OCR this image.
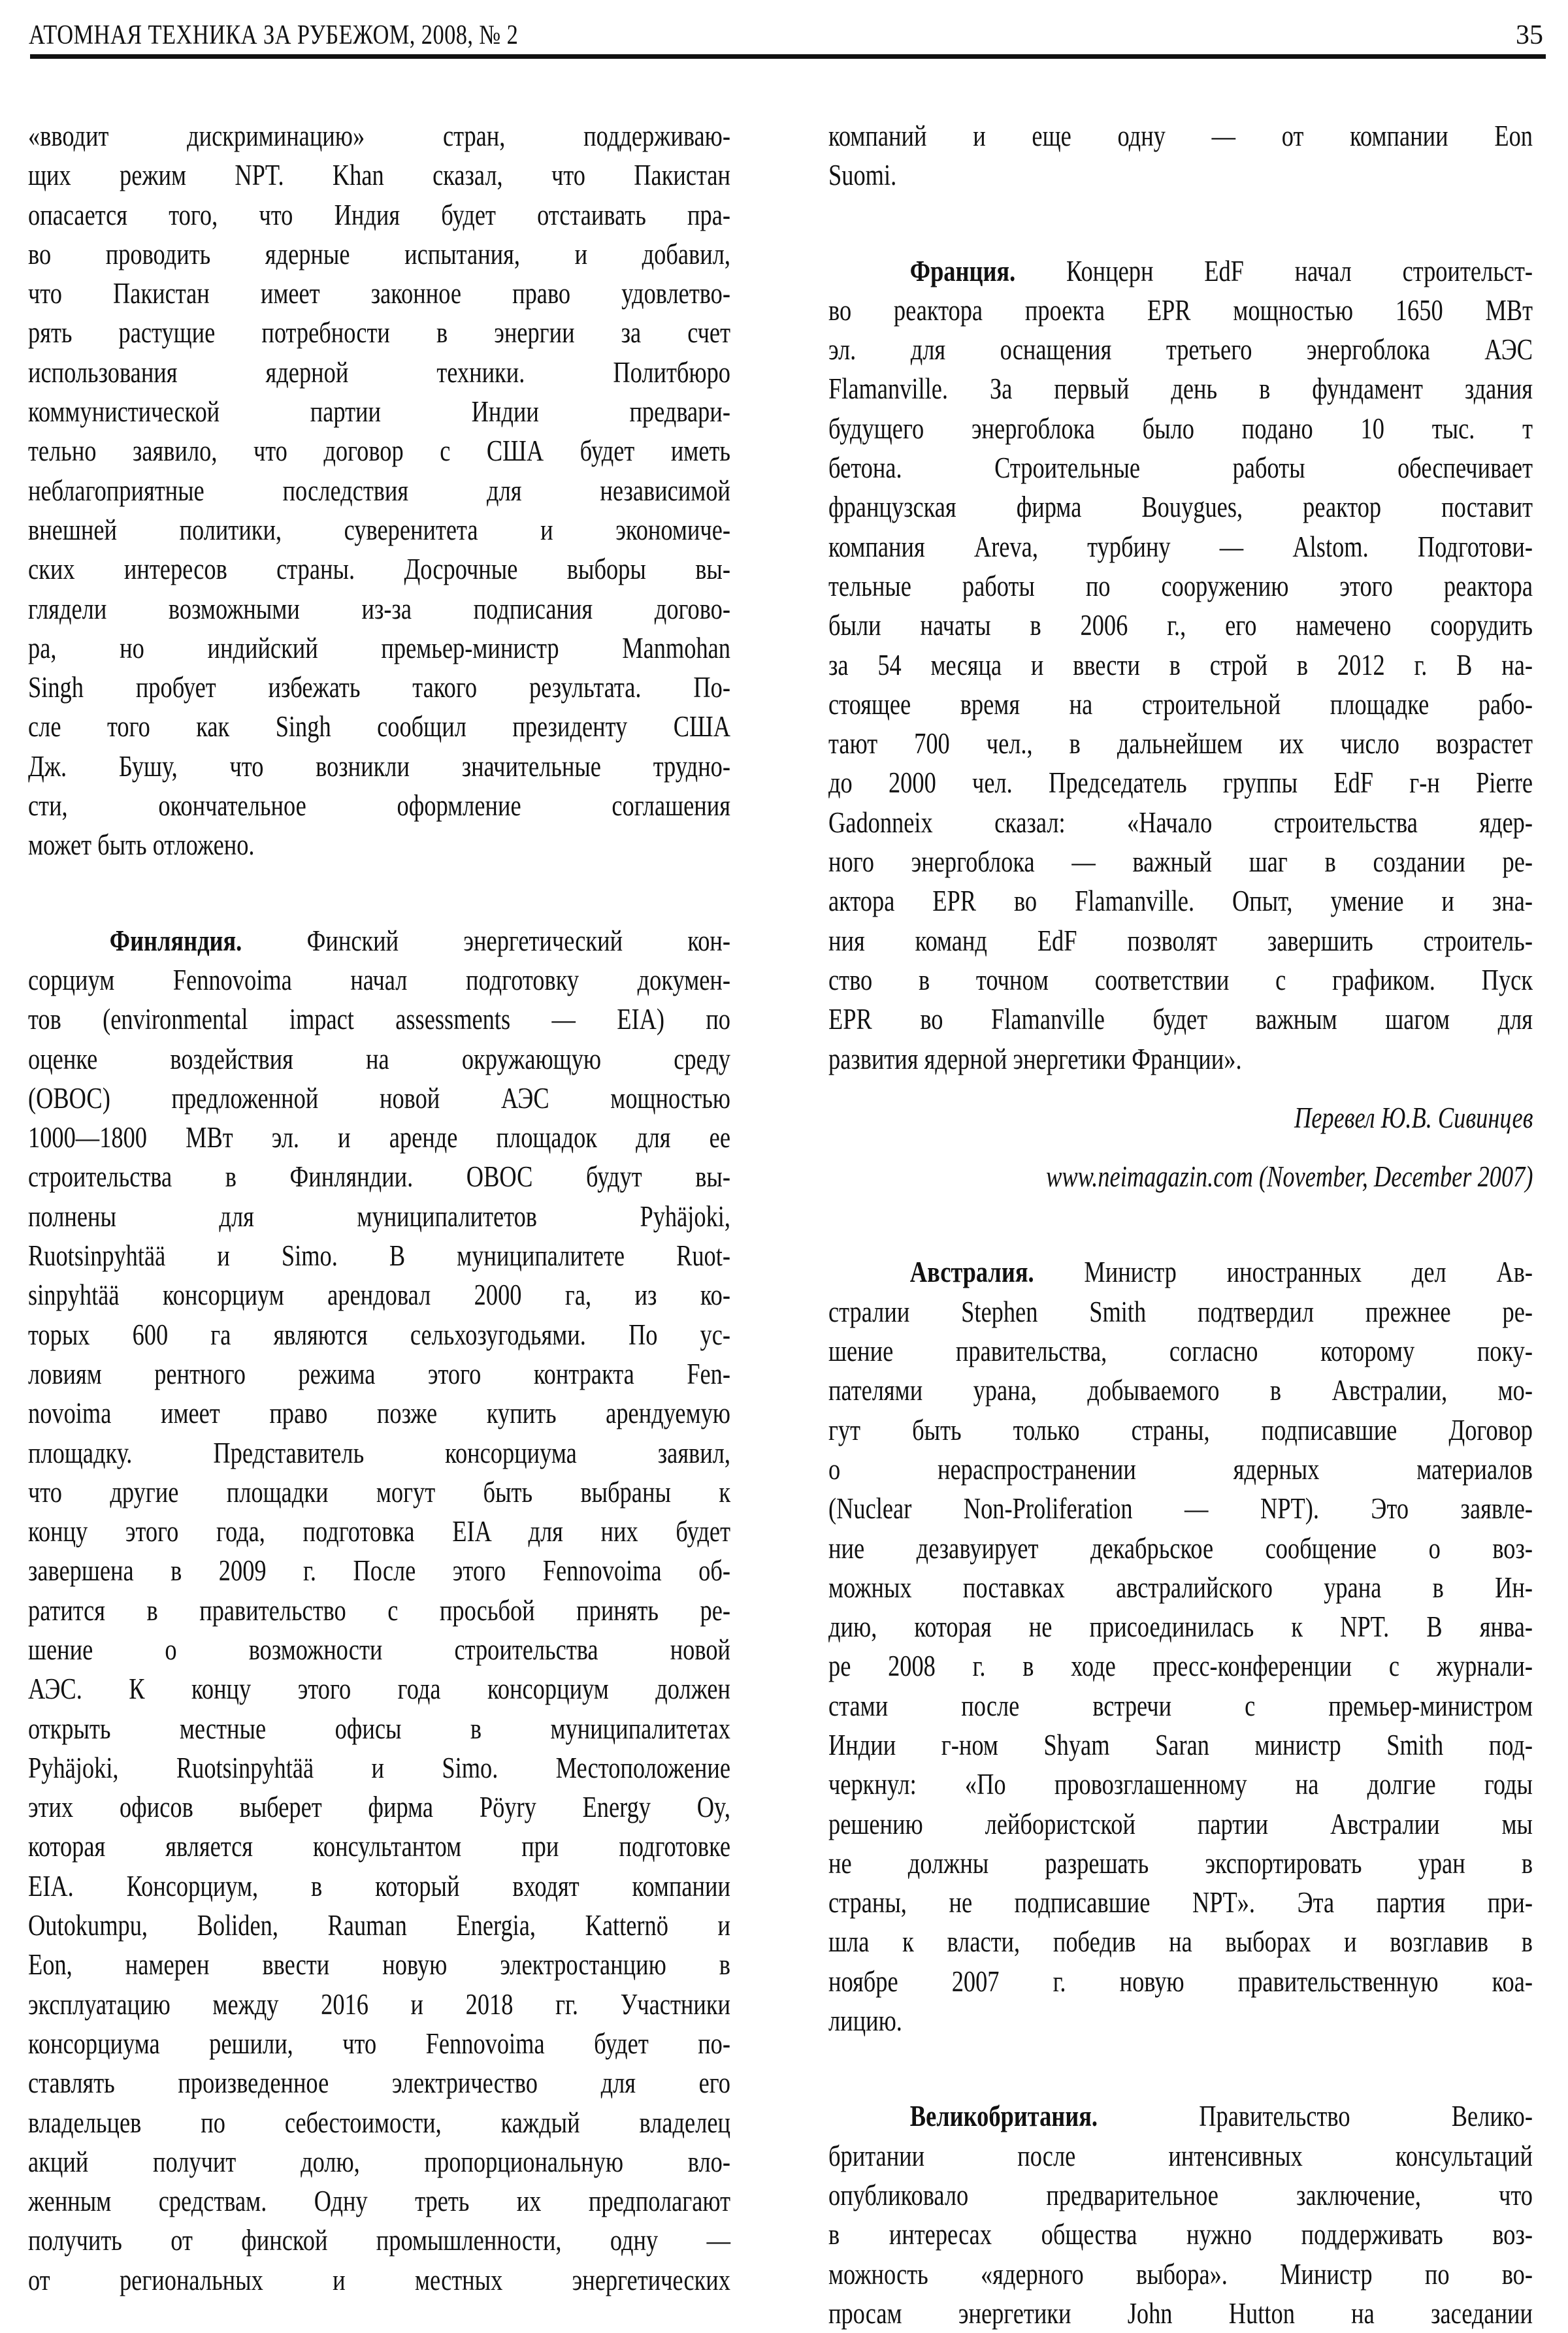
АТОМНАЯ ТЕХНИКА ЗА РУБЕЖОМ, 2008, № 2	35
«вводит дискриминацию» стран, поддерживаю-
щих режим NPT. Khan сказал, что Пакистан
опасается того, что Индия будет отстаивать пра-
во проводить ядерные испытания, и добавил,
что Пакистан имеет законное право удовлетво-
рять растущие потребности в энергии за счет
использования ядерной техники. Политбюро
коммунистической партии Индии предвари-
тельно заявило, что договор с США будет иметь
неблагоприятные последствия для независимой
внешней политики, суверенитета и экономиче-
ских интересов страны. Досрочные выборы вы-
глядели возможными из-за подписания догово-
ра, но индийский премьер-министр Manmohan
Singh пробует избежать такого результата. По-
сле того как Singh сообщил президенту США
Дж. Бушу, что возникли значительные трудно-
сти, окончательное оформление соглашения
может быть отложено.
Финляндия. Финский энергетический кон-
сорциум Fennovoima начал подготовку докумен-
тов (environmental impact assessments — EIA) по
оценке воздействия на окружающую среду
(ОВОС) предложенной новой АЭС мощностью
1000—1800 МВт эл. и аренде площадок для ее
строительства в Финляндии. ОВОС будут вы-
полнены для муниципалитетов Pyhäjoki,
Ruotsinpyhtää и Simo. В муниципалитете Ruot-
sinpyhtää консорциум арендовал 2000 га, из ко-
торых 600 га являются сельхозугодьями. По ус-
ловиям рентного режима этого контракта Fen-
novoima имеет право позже купить арендуемую
площадку. Представитель консорциума заявил,
что другие площадки могут быть выбраны к
концу этого года, подготовка EIA для них будет
завершена в 2009 г. После этого Fennovoima об-
ратится в правительство с просьбой принять ре-
шение о возможности строительства новой
АЭС. К концу этого года консорциум должен
открыть местные офисы в муниципалитетах
Pyhäjoki, Ruotsinpyhtää и Simo. Местоположение
этих офисов выберет фирма Pöyry Energy Oy,
которая является консультантом при подготовке
EIA. Консорциум, в который входят компании
Outokumpu, Boliden, Rauman Energia, Katternö и
Eon, намерен ввести новую электростанцию в
эксплуатацию между 2016 и 2018 гг. Участники
консорциума решили, что Fennovoima будет по-
ставлять произведенное электричество для его
владельцев по себестоимости, каждый владелец
акций получит долю, пропорциональную вло-
женным средствам. Одну треть их предполагают
получить от финской промышленности, одну —
от региональных и местных энергетических
компаний и еще одну — от компании Eon
Suomi.
Франция. Концерн EdF начал строительст-
во реактора проекта EPR мощностью 1650 МВт
эл. для оснащения третьего энергоблока АЭС
Flamanville. За первый день в фундамент здания
будущего энергоблока было подано 10 тыс. т
бетона. Строительные работы обеспечивает
французская фирма Bouygues, реактор поставит
компания Areva, турбину — Alstom. Подготови-
тельные работы по сооружению этого реактора
были начаты в 2006 г., его намечено соорудить
за 54 месяца и ввести в строй в 2012 г. В на-
стоящее время на строительной площадке рабо-
тают 700 чел., в дальнейшем их число возрастет
до 2000 чел. Председатель группы EdF г-н Pierre
Gadonneix сказал: «Начало строительства ядер-
ного энергоблока — важный шаг в создании ре-
актора EPR во Flamanville. Опыт, умение и зна-
ния команд EdF позволят завершить строитель-
ство в точном соответствии с графиком. Пуск
EPR во Flamanville будет важным шагом для
развития ядерной энергетики Франции».
Перевел Ю.В. Сивинцев
www.neimagazin.com (November, December 2007)
Австралия. Министр иностранных дел Ав-
стралии Stephen Smith подтвердил прежнее ре-
шение правительства, согласно которому поку-
пателями урана, добываемого в Австралии, мо-
гут быть только страны, подписавшие Договор
о нераспространении ядерных материалов
(Nuclear Non-Proliferation — NPT). Это заявле-
ние дезавуирует декабрьское сообщение о воз-
можных поставках австралийского урана в Ин-
дию, которая не присоединилась к NPT. В янва-
ре 2008 г. в ходе пресс-конференции с журнали-
стами после встречи с премьер-министром
Индии г-ном Shyam Saran министр Smith под-
черкнул: «По провозглашенному на долгие годы
решению лейбористской партии Австралии мы
не должны разрешать экспортировать уран в
страны, не подписавшие NPT». Эта партия при-
шла к власти, победив на выборах и возглавив в
ноябре 2007 г. новую правительственную коа-
лицию.
Великобритания.	Правительство Велико-
британии после интенсивных консультаций
опубликовало предварительное заключение, что
в интересах общества нужно поддерживать воз-
можность «ядерного выбора». Министр по во-
просам энергетики John Hutton на заседании
